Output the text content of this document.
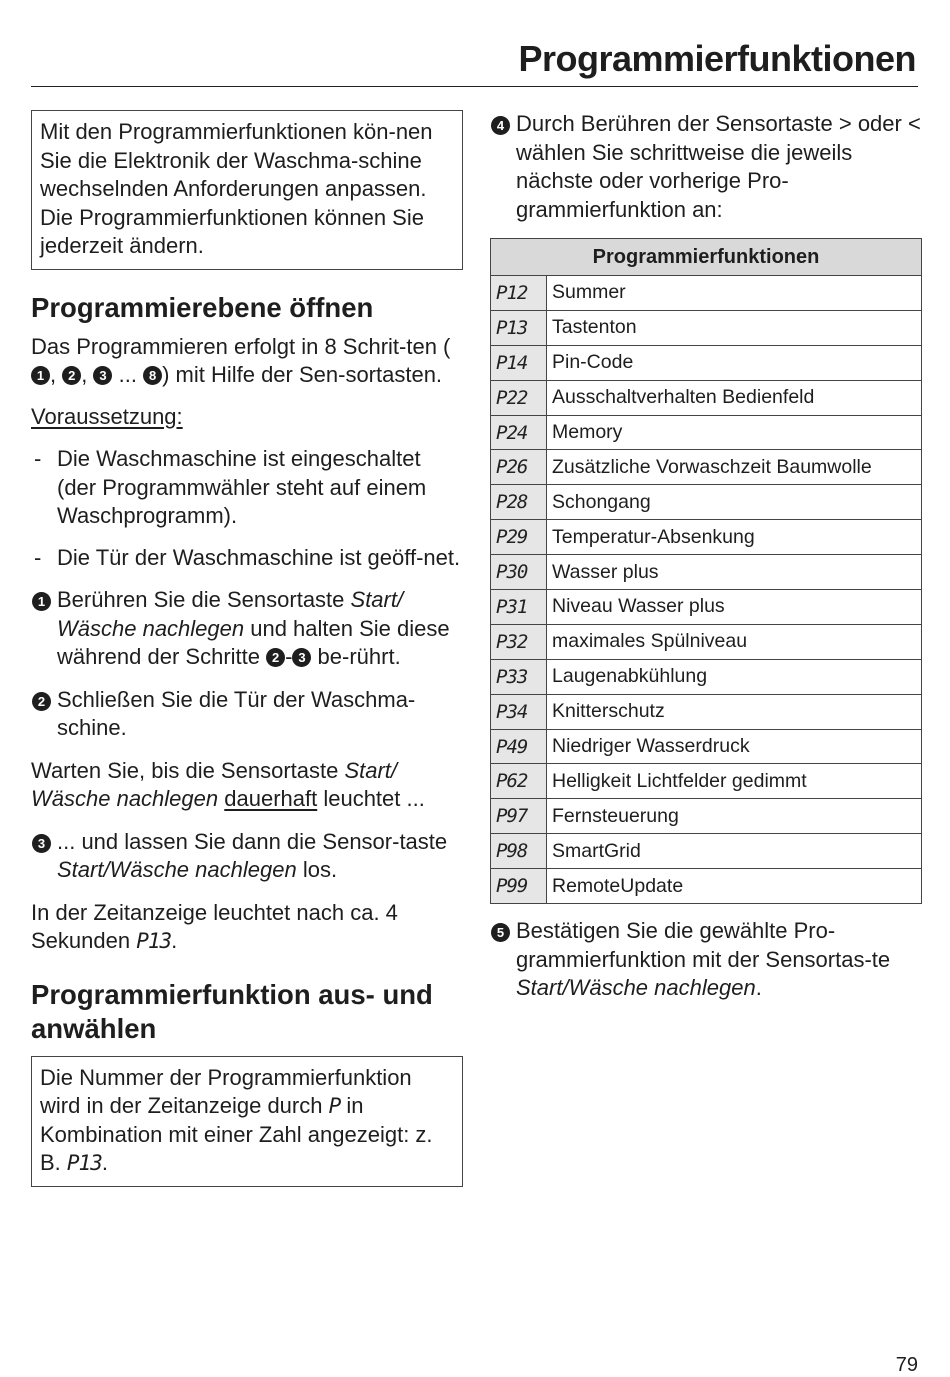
Programmierfunktionen
Mit den Programmierfunktionen kön-nen Sie die Elektronik der Waschma-schine wechselnden Anforderungen anpassen. Die Programmierfunktionen können Sie jederzeit ändern.
Programmierebene öffnen

Das Programmieren erfolgt in 8 Schrit-ten (1 , 2 , 3 ... 8 ) mit Hilfe der Sen-sortasten.

Voraussetzung:

- Die Waschmaschine ist eingeschaltet (der Programmwähler steht auf einem Waschprogramm).

- Die Tür der Waschmaschine ist geöff-net.

1 Berühren Sie die Sensortaste Start/ Wäsche nachlegen und halten Sie diese während der Schritte 2 - 3 be-rührt.

2 Schließen Sie die Tür der Waschma-schine.

Warten Sie, bis die Sensortaste Start/ Wäsche nachlegen dauerhaft leuchtet ...

3 ... und lassen Sie dann die Sensor-taste Start/Wäsche nachlegen los.

In der Zeitanzeige leuchtet nach ca. 4 Sekunden P13.

Programmierfunktion aus- und anwählen
Die Nummer der Programmierfunktion wird in der Zeitanzeige durch P in Kombination mit einer Zahl angezeigt: z. B. P13.

4 Durch Berühren der Sensortaste > oder < wählen Sie schrittweise die jeweils nächste oder vorherige Pro-grammierfunktion an:

Programmierfunktionen	
P12	Summer
P13	Tastenton
P14	Pin-Code
P22	Ausschaltverhalten Bedienfeld
P24	Memory
P26	Zusätzliche Vorwaschzeit Baumwolle
P28	Schongang
P29	Temperatur-Absenkung
P30	Wasser plus
P31	Niveau Wasser plus
P32	maximales Spülniveau
P33	Laugenabkühlung
P34	Knitterschutz
P49	Niedriger Wasserdruck
P62	Helligkeit Lichtfelder gedimmt
P97	Fernsteuerung
P98	SmartGrid
P99	RemoteUpdate

5 Bestätigen Sie die gewählte Pro-grammierfunktion mit der Sensortas-te Start/Wäsche nachlegen.

79
